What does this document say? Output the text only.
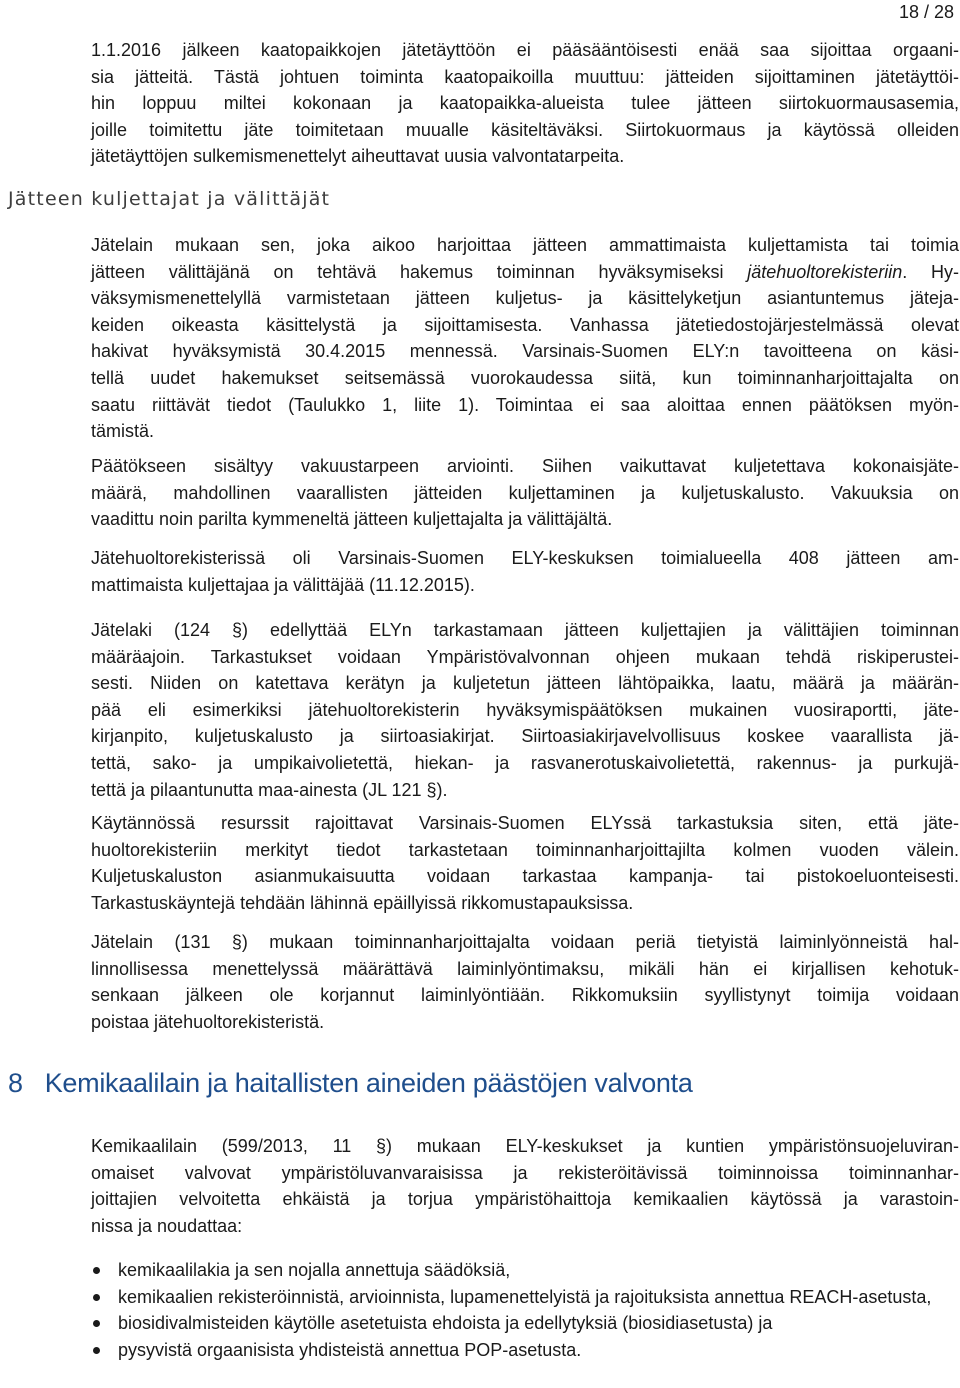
18 / 28
1.1.2016 jälkeen kaatopaikkojen jätetäyttöön ei pääsääntöisesti enää saa sijoittaa orgaani-
sia jätteitä. Tästä johtuen toiminta kaatopaikoilla muuttuu: jätteiden sijoittaminen jätetäyttöi-
hin loppuu miltei kokonaan ja kaatopaikka-alueista tulee jätteen siirtokuormausasemia,
joille toimitettu jäte toimitetaan muualle käsiteltäväksi. Siirtokuormaus ja käytössä olleiden
jätetäyttöjen sulkemismenettelyt aiheuttavat uusia valvontatarpeita.
Jätteen kuljettajat ja välittäjät
Jätelain mukaan sen, joka aikoo harjoittaa jätteen ammattimaista kuljettamista tai toimia
jätteen välittäjänä on tehtävä hakemus toiminnan hyväksymiseksi jätehuoltorekisteriin. Hy-
väksymismenettelyllä varmistetaan jätteen kuljetus- ja käsittelyketjun asiantuntemus jäteja-
keiden oikeasta käsittelystä ja sijoittamisesta. Vanhassa jätetiedostojärjestelmässä olevat
hakivat hyväksymistä 30.4.2015 mennessä. Varsinais-Suomen ELY:n tavoitteena on käsi-
tellä uudet hakemukset seitsemässä vuorokaudessa siitä, kun toiminnanharjoittajalta on
saatu riittävät tiedot (Taulukko 1, liite 1). Toimintaa ei saa aloittaa ennen päätöksen myön-
tämistä.
Päätökseen sisältyy vakuustarpeen arviointi. Siihen vaikuttavat kuljetettava kokonaisjäte-
määrä, mahdollinen vaarallisten jätteiden kuljettaminen ja kuljetuskalusto. Vakuuksia on
vaadittu noin parilta kymmeneltä jätteen kuljettajalta ja välittäjältä.
Jätehuoltorekisterissä oli Varsinais-Suomen ELY-keskuksen toimialueella 408 jätteen am-
mattimaista kuljettajaa ja välittäjää (11.12.2015).
Jätelaki (124 §) edellyttää ELYn tarkastamaan jätteen kuljettajien ja välittäjien toiminnan
määräajoin. Tarkastukset voidaan Ympäristövalvonnan ohjeen mukaan tehdä riskiperustei-
sesti. Niiden on katettava kerätyn ja kuljetetun jätteen lähtöpaikka, laatu, määrä ja määrän-
pää eli esimerkiksi jätehuoltorekisterin hyväksymispäätöksen mukainen vuosiraportti, jäte-
kirjanpito, kuljetuskalusto ja siirtoasiakirjat. Siirtoasiakirjavelvollisuus koskee vaarallista jä-
tettä, sako- ja umpikaivolietettä, hiekan- ja rasvanerotuskaivolietettä, rakennus- ja purkujä-
tettä ja pilaantunutta maa-ainesta (JL 121 §).
Käytännössä resurssit rajoittavat Varsinais-Suomen ELYssä tarkastuksia siten, että jäte-
huoltorekisteriin merkityt tiedot tarkastetaan toiminnanharjoittajilta kolmen vuoden välein.
Kuljetuskaluston asianmukaisuutta voidaan tarkastaa kampanja- tai pistokoeluonteisesti.
Tarkastuskäyntejä tehdään lähinnä epäillyissä rikkomustapauksissa.
Jätelain (131 §) mukaan toiminnanharjoittajalta voidaan periä tietyistä laiminlyönneistä hal-
linnollisessa menettelyssä määrättävä laiminlyöntimaksu, mikäli hän ei kirjallisen kehotuk-
senkaan jälkeen ole korjannut laiminlyöntiään. Rikkomuksiin syyllistynyt toimija voidaan
poistaa jätehuoltorekisteristä.
8 Kemikaalilain ja haitallisten aineiden päästöjen valvonta
Kemikaalilain (599/2013, 11 §) mukaan ELY-keskukset ja kuntien ympäristönsuojeluviran-
omaiset valvovat ympäristöluvanvaraisissa ja rekisteröitävissä toiminnoissa toiminnanhar-
joittajien velvoitetta ehkäistä ja torjua ympäristöhaittoja kemikaalien käytössä ja varastoin-
nissa ja noudattaa:
kemikaalilakia ja sen nojalla annettuja säädöksiä,
kemikaalien rekisteröinnistä, arvioinnista, lupamenettelyistä ja rajoituksista annettua REACH-asetusta,
biosidivalmisteiden käytölle asetetuista ehdoista ja edellytyksiä (biosidiasetusta) ja
pysyvistä orgaanisista yhdisteistä annettua POP-asetusta.
